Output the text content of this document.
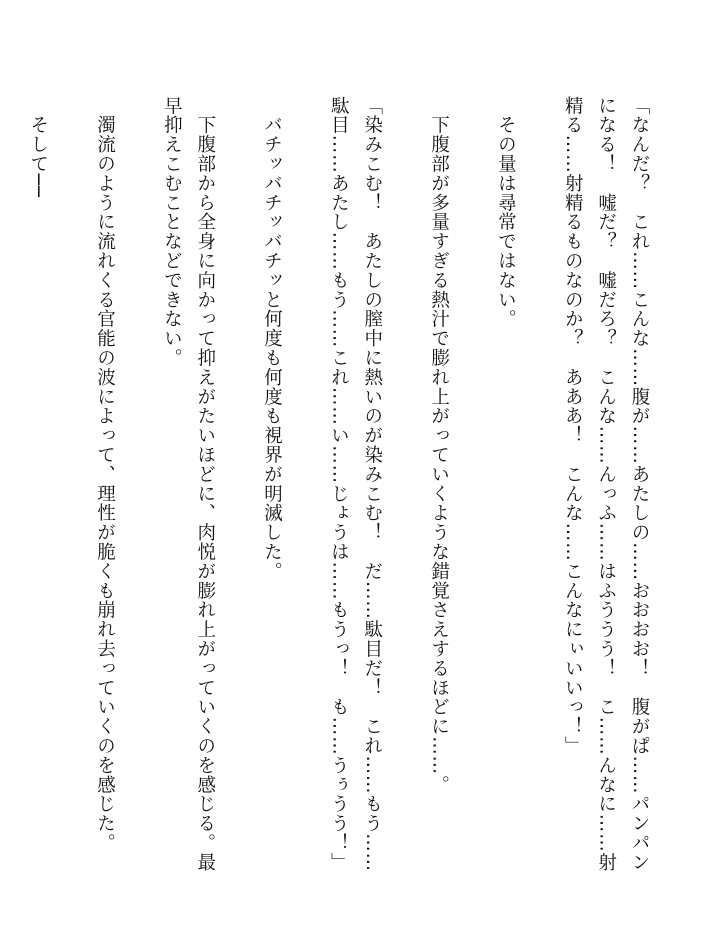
「なんだ？　これ……こんな……腹が……あたしの……おおおお！　腹がぱ……パンパンになる！　嘘だ？　嘘だろ？　こんな……んっふ……はふううう！　こ……んなに……射精る……射精るものなのか？　あああ！　こんな……こんなにぃいいっ！」

　その量は尋常ではない。

　下腹部が多量すぎる熱汁で膨れ上がっていくような錯覚さえするほどに……。

「染みこむ！　あたしの膣中に熱いのが染みこむ！　だ……駄目だ！　これ……もう……駄目……あたし……もう……これ……い……じょうは……もうっ！　も……うぅうう！」

　バチッバチッバチッと何度も何度も視界が明滅した。

　下腹部から全身に向かって抑えがたいほどに、肉悦が膨れ上がっていくのを感じる。最早抑えこむことなどできない。

　濁流のように流れくる官能の波によって、理性が脆くも崩れ去っていくのを感じた。

　そして──
